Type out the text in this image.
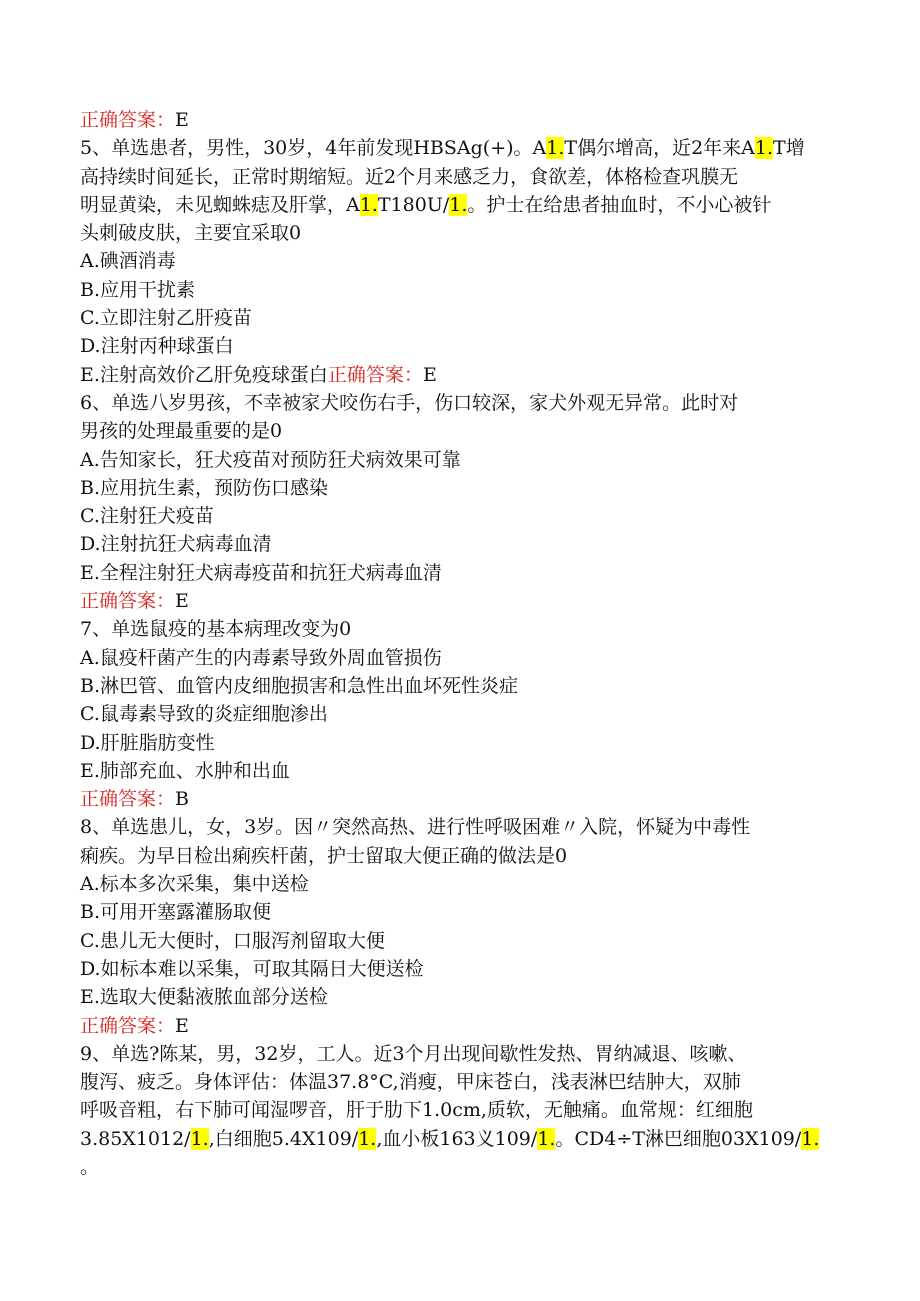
正确答案：E
5、单选患者，男性，30岁，4年前发现HBSAg(+)。A1.T偶尔增高，近2年来A1.T增
高持续时间延长，正常时期缩短。近2个月来感乏力，食欲差，体格检查巩膜无
明显黄染，未见蜘蛛痣及肝掌，A1.T180U/1.。护士在给患者抽血时，不小心被针
头刺破皮肤，主要宜采取0
A.碘酒消毒
B.应用干扰素
C.立即注射乙肝疫苗
D.注射丙种球蛋白
E.注射高效价乙肝免疫球蛋白正确答案：E
6、单选八岁男孩，不幸被家犬咬伤右手，伤口较深，家犬外观无异常。此时对
男孩的处理最重要的是0
A.告知家长，狂犬疫苗对预防狂犬病效果可靠
B.应用抗生素，预防伤口感染
C.注射狂犬疫苗
D.注射抗狂犬病毒血清
E.全程注射狂犬病毒疫苗和抗狂犬病毒血清
正确答案：E
7、单选鼠疫的基本病理改变为0
A.鼠疫杆菌产生的内毒素导致外周血管损伤
B.淋巴管、血管内皮细胞损害和急性出血坏死性炎症
C.鼠毒素导致的炎症细胞渗出
D.肝脏脂肪变性
E.肺部充血、水肿和出血
正确答案：B
8、单选患儿，女，3岁。因〃突然高热、进行性呼吸困难〃入院，怀疑为中毒性
痢疾。为早日检出痢疾杆菌，护士留取大便正确的做法是0
A.标本多次采集，集中送检
B.可用开塞露灌肠取便
C.患儿无大便时，口服泻剂留取大便
D.如标本难以采集，可取其隔日大便送检
E.选取大便黏液脓血部分送检
正确答案：E
9、单选?陈某，男，32岁，工人。近3个月出现间歇性发热、胃纳减退、咳嗽、
腹泻、疲乏。身体评估：体温37.8°C,消瘦，甲床苍白，浅表淋巴结肿大，双肺
呼吸音粗，右下肺可闻湿啰音，肝于肋下1.0cm,质软，无触痛。血常规：红细胞
3.85X1012/1.,白细胞5.4X109/1.,血小板163义109/1.。CD4÷T淋巴细胞03X109/1.
。
